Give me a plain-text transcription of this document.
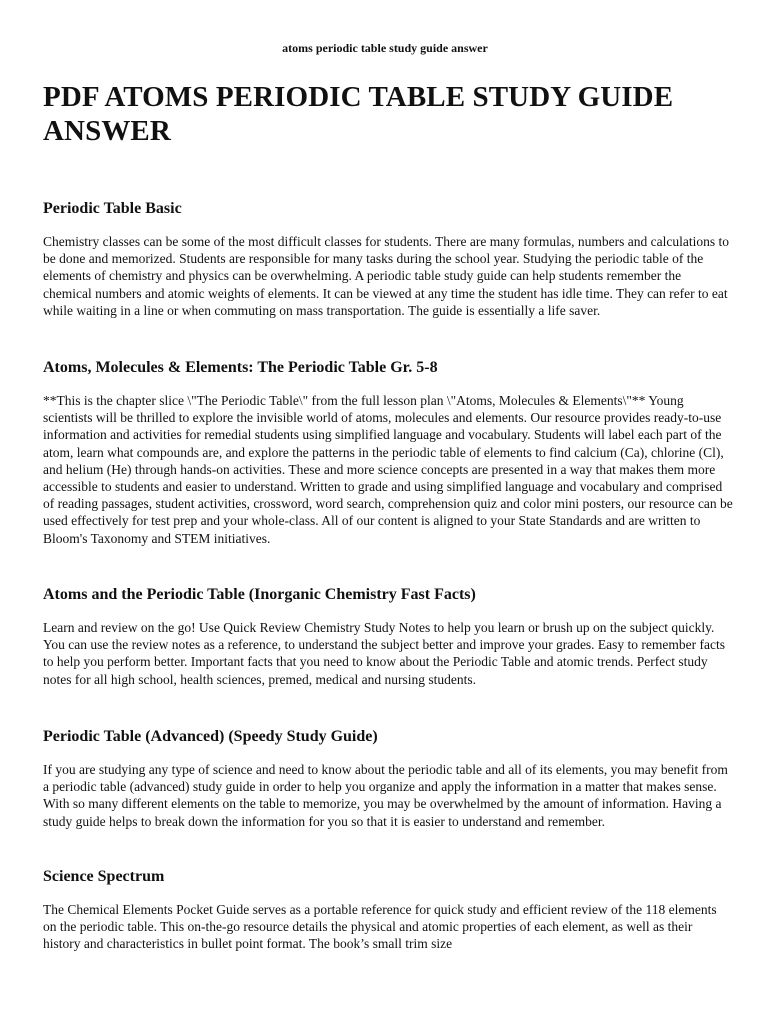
atoms periodic table study guide answer
PDF ATOMS PERIODIC TABLE STUDY GUIDE ANSWER
Periodic Table Basic

Chemistry classes can be some of the most difficult classes for students. There are many formulas, numbers and calculations to be done and memorized. Students are responsible for many tasks during the school year. Studying the periodic table of the elements of chemistry and physics can be overwhelming. A periodic table study guide can help students remember the chemical numbers and atomic weights of elements. It can be viewed at any time the student has idle time. They can refer to eat while waiting in a line or when commuting on mass transportation. The guide is essentially a life saver.

Atoms, Molecules & Elements: The Periodic Table Gr. 5-8

**This is the chapter slice \"The Periodic Table\" from the full lesson plan \"Atoms, Molecules & Elements\"** Young scientists will be thrilled to explore the invisible world of atoms, molecules and elements. Our resource provides ready-to-use information and activities for remedial students using simplified language and vocabulary. Students will label each part of the atom, learn what compounds are, and explore the patterns in the periodic table of elements to find calcium (Ca), chlorine (Cl), and helium (He) through hands-on activities. These and more science concepts are presented in a way that makes them more accessible to students and easier to understand. Written to grade and using simplified language and vocabulary and comprised of reading passages, student activities, crossword, word search, comprehension quiz and color mini posters, our resource can be used effectively for test prep and your whole-class. All of our content is aligned to your State Standards and are written to Bloom's Taxonomy and STEM initiatives.

Atoms and the Periodic Table (Inorganic Chemistry Fast Facts)

Learn and review on the go! Use Quick Review Chemistry Study Notes to help you learn or brush up on the subject quickly. You can use the review notes as a reference, to understand the subject better and improve your grades. Easy to remember facts to help you perform better. Important facts that you need to know about the Periodic Table and atomic trends. Perfect study notes for all high school, health sciences, premed, medical and nursing students.

Periodic Table (Advanced) (Speedy Study Guide)

If you are studying any type of science and need to know about the periodic table and all of its elements, you may benefit from a periodic table (advanced) study guide in order to help you organize and apply the information in a matter that makes sense. With so many different elements on the table to memorize, you may be overwhelmed by the amount of information. Having a study guide helps to break down the information for you so that it is easier to understand and remember.

Science Spectrum

The Chemical Elements Pocket Guide serves as a portable reference for quick study and efficient review of the 118 elements on the periodic table. This on-the-go resource details the physical and atomic properties of each element, as well as their history and characteristics in bullet point format. The book’s small trim size
